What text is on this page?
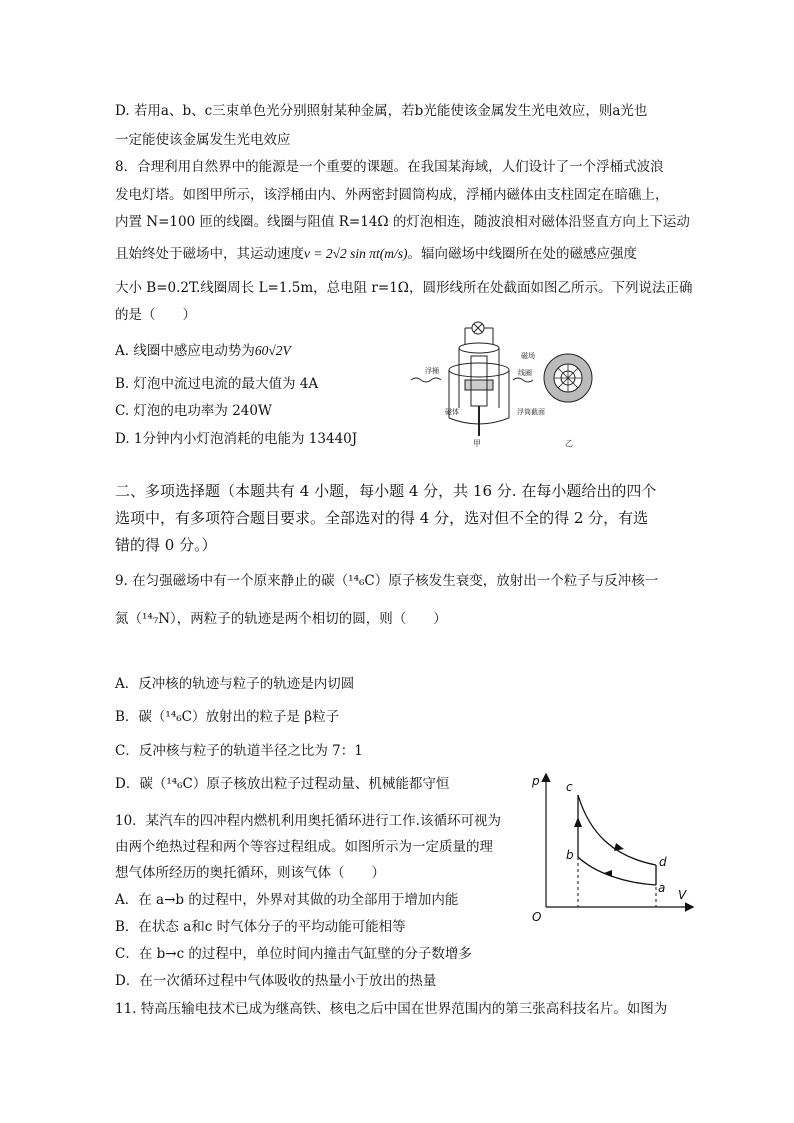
D. 若用a、b、c三束单色光分别照射某种金属，若b光能使该金属发生光电效应，则a光也
一定能使该金属发生光电效应
8．合理利用自然界中的能源是一个重要的课题。在我国某海域，人们设计了一个浮桶式波浪
发电灯塔。如图甲所示，该浮桶由内、外两密封圆筒构成，浮桶内磁体由支柱固定在暗礁上，
内置 N=100 匝的线圈。线圈与阻值 R=14Ω 的灯泡相连，随波浪相对磁体沿竖直方向上下运动
且始终处于磁场中，其运动速度v = 2√2 sin πt(m/s)。辐向磁场中线圈所在处的磁感应强度
大小 B=0.2T.线圈周长 L=1.5m，总电阻 r=1Ω，圆形线所在处截面如图乙所示。下列说法正确
的是（　　）
A. 线圈中感应电动势为60√2V
B. 灯泡中流过电流的最大值为 4A
C. 灯泡的电功率为 240W
D. 1分钟内小灯泡消耗的电能为 13440J
浮桶
磁体
线圈
磁场
浮筒截面
甲	乙
二、多项选择题（本题共有 4 小题，每小题 4 分，共 16 分. 在每小题给出的四个
选项中，有多项符合题目要求。全部选对的得 4 分，选对但不全的得 2 分，有选
错的得 0 分。）
9. 在匀强磁场中有一个原来静止的碳（¹⁴₆C）原子核发生衰变，放射出一个粒子与反冲核一
氮（¹⁴₇N），两粒子的轨迹是两个相切的圆，则（　　）
A．反冲核的轨迹与粒子的轨迹是内切圆
B．碳（¹⁴₆C）放射出的粒子是 β粒子
C．反冲核与粒子的轨道半径之比为 7：1
D．碳（¹⁴₆C）原子核放出粒子过程动量、机械能都守恒
10．某汽车的四冲程内燃机利用奥托循环进行工作.该循环可视为
由两个绝热过程和两个等容过程组成。如图所示为一定质量的理
想气体所经历的奥托循环，则该气体（　　）
A．在 a→b 的过程中，外界对其做的功全部用于增加内能
B．在状态 a和c 时气体分子的平均动能可能相等
C．在 b→c 的过程中，单位时间内撞击气缸壁的分子数增多
D．在一次循环过程中气体吸收的热量小于放出的热量
11. 特高压输电技术已成为继高铁、核电之后中国在世界范围内的第三张高科技名片。如图为
p
V
O
c
b	d
a
